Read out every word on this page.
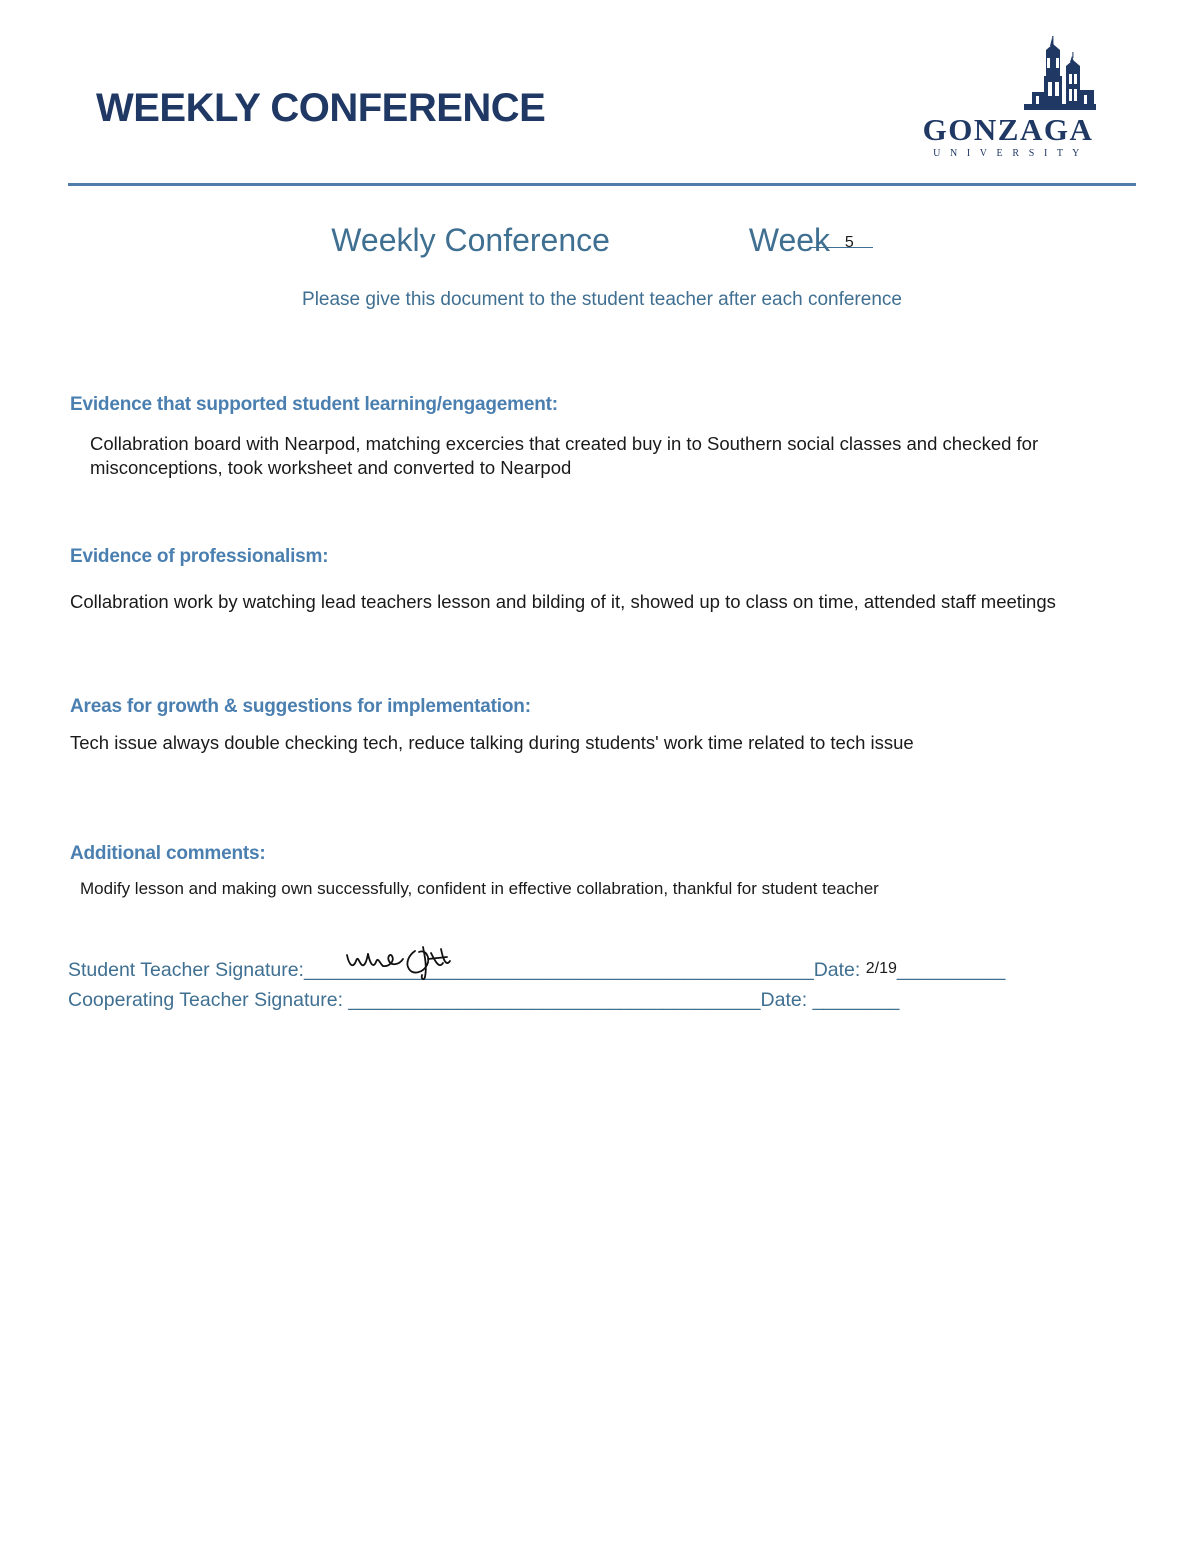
WEEKLY CONFERENCE	GONZAGA
U N I V E R S I T Y
Weekly Conference	Week 5
Please give this document to the student teacher after each conference
Evidence that supported student learning/engagement:
Collabration board with Nearpod, matching excercies that created buy in to Southern social classes and checked for misconceptions, took worksheet and converted to Nearpod
Evidence of professionalism:
Collabration work by watching lead teachers lesson and bilding of it, showed up to class on time, attended staff meetings
Areas for growth & suggestions for implementation:
Tech issue always double checking tech, reduce talking during students' work time related to tech issue
Additional comments:
Modify lesson and making own successfully, confident in effective collabration, thankful for student teacher
Student Teacher Signature:_______________________________________________Date: 2/19__________
Cooperating Teacher Signature: ______________________________________Date: ________
